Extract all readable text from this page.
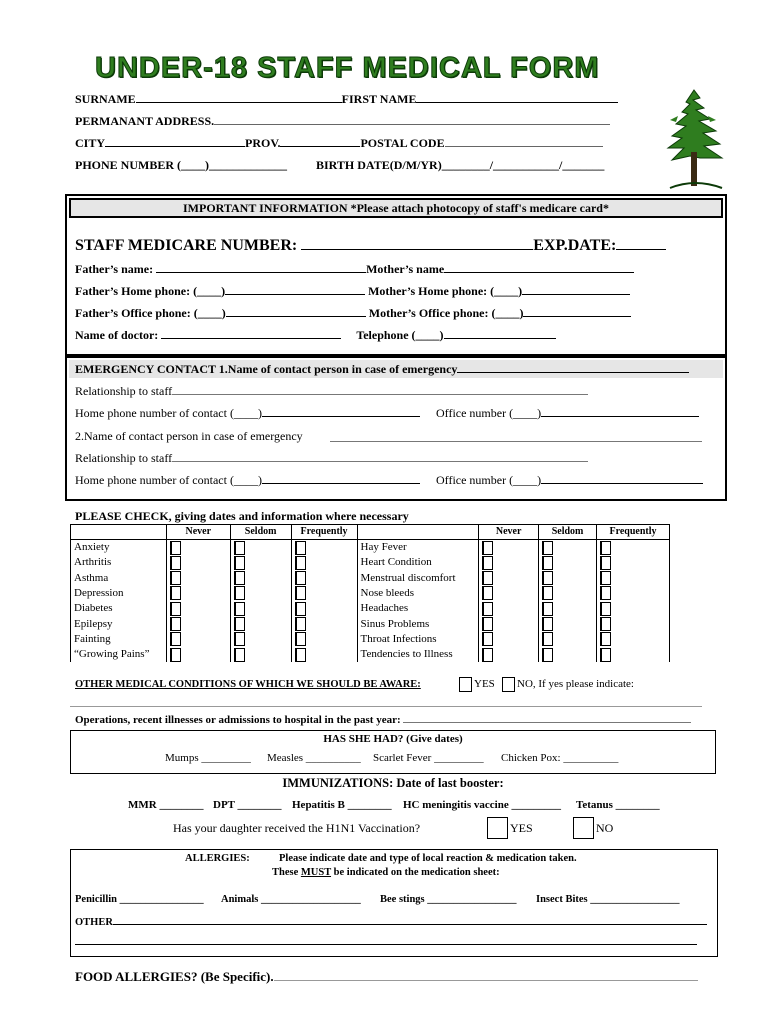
UNDER-18 STAFF MEDICAL FORM
SURNAME	FIRST NAME
PERMANANT ADDRESS.
CITY	PROV.	POSTAL CODE
PHONE NUMBER (____)_____________ BIRTH DATE(D/M/YR)________/___________/_______
IMPORTANT INFORMATION *Please attach photocopy of staff's medicare card*
STAFF MEDICARE NUMBER:	EXP.DATE:
Father’s name:	Mother’s name
Father’s Home phone: (____)	Mother’s Home phone: (____)
Father’s Office phone: (____)	Mother’s Office phone: (____)
Name of doctor:	Telephone (____)
EMERGENCY CONTACT 1.Name of contact person in case of emergency
Relationship to staff
Home phone number of contact (____)	Office number (____)
2.Name of contact person in case of emergency
Relationship to staff
Home phone number of contact (____)	Office number (____)
PLEASE CHECK, giving dates and information where necessary
	Never	Seldom	Frequently		Never	Seldom	Frequently
Anxiety				Hay Fever	

Arthritis				Heart Condition	

Asthma				Menstrual discomfort	

Depression				Nose bleeds	

Diabetes				Headaches	

Epilepsy				Sinus Problems	

Fainting				Throat Infections	

“Growing Pains”				Tendencies to Illness	

OTHER MEDICAL CONDITIONS OF WHICH WE SHOULD BE AWARE:	YES NO, If yes please indicate:
Operations, recent illnesses or admissions to hospital in the past year:
HAS SHE HAD? (Give dates)
Mumps _________ Measles __________ Scarlet Fever _________ Chicken Pox: __________
IMMUNIZATIONS: Date of last booster:
MMR ________ DPT ________ Hepatitis B ________ HC meningitis vaccine _________ Tetanus ________
Has your daughter received the H1N1 Vaccination?	YES	NO
ALLERGIES:	Please indicate date and type of local reaction & medication taken.
These MUST be indicated on the medication sheet:
Penicillin ________________ Animals ___________________ Bee stings _________________ Insect Bites _________________
OTHER
FOOD ALLERGIES? (Be Specific).
